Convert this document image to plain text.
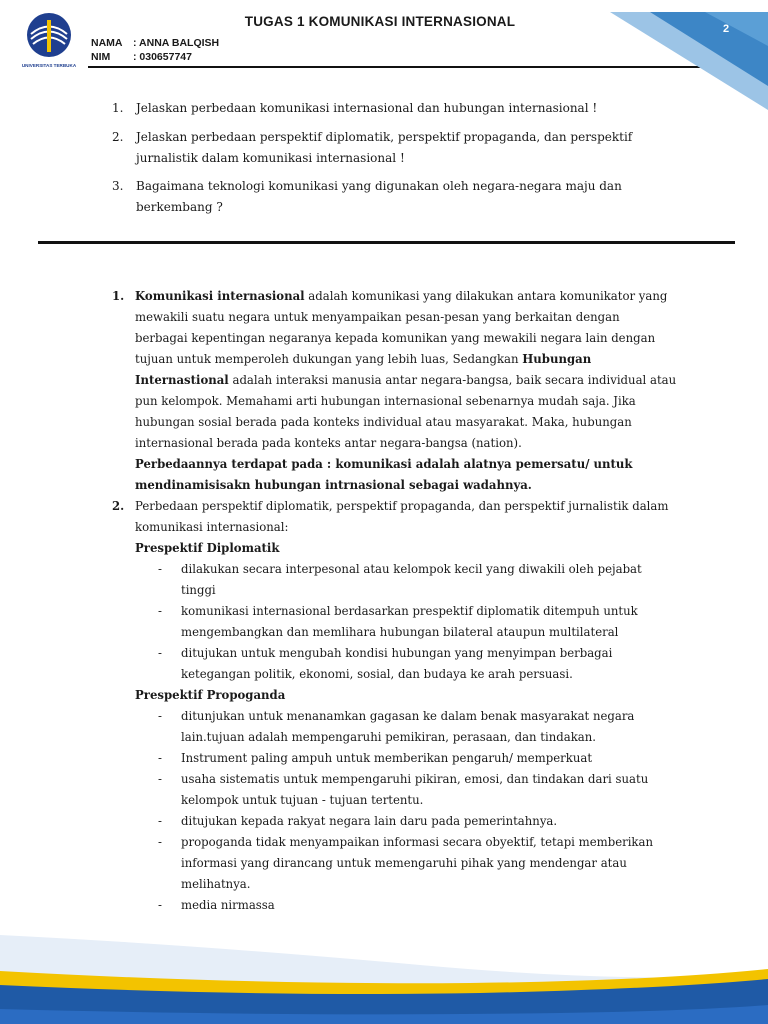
UNIVERSITAS TERBUKA
TUGAS 1 KOMUNIKASI INTERNASIONAL
NAMA : ANNA BALQISH
NIM : 030657747
2
1. Jelaskan perbedaan komunikasi internasional dan hubungan internasional !
2. Jelaskan perbedaan perspektif diplomatik, perspektif propaganda, dan perspektif
jurnalistik dalam komunikasi internasional !
3. Bagaimana teknologi komunikasi yang digunakan oleh negara-negara maju dan
berkembang ?
1. Komunikasi internasional adalah komunikasi yang dilakukan antara komunikator yang
mewakili suatu negara untuk menyampaikan pesan-pesan yang berkaitan dengan
berbagai kepentingan negaranya kepada komunikan yang mewakili negara lain dengan
tujuan untuk memperoleh dukungan yang lebih luas, Sedangkan Hubungan
Internastional adalah interaksi manusia antar negara-bangsa, baik secara individual atau
pun kelompok. Memahami arti hubungan internasional sebenarnya mudah saja. Jika
hubungan sosial berada pada konteks individual atau masyarakat. Maka, hubungan
internasional berada pada konteks antar negara-bangsa (nation).
Perbedaannya terdapat pada : komunikasi adalah alatnya pemersatu/ untuk
mendinamisisakn hubungan intrnasional sebagai wadahnya.
2. Perbedaan perspektif diplomatik, perspektif propaganda, dan perspektif jurnalistik dalam
komunikasi internasional:
Prespektif Diplomatik
- dilakukan secara interpesonal atau kelompok kecil yang diwakili oleh pejabat
tinggi
- komunikasi internasional berdasarkan prespektif diplomatik ditempuh untuk
mengembangkan dan memlihara hubungan bilateral ataupun multilateral
- ditujukan untuk mengubah kondisi hubungan yang menyimpan berbagai
ketegangan politik, ekonomi, sosial, dan budaya ke arah persuasi.
Prespektif Propoganda
- ditunjukan untuk menanamkan gagasan ke dalam benak masyarakat negara
lain.tujuan adalah mempengaruhi pemikiran, perasaan, dan tindakan.
- Instrument paling ampuh untuk memberikan pengaruh/ memperkuat
- usaha sistematis untuk mempengaruhi pikiran, emosi, dan tindakan dari suatu
kelompok untuk tujuan - tujuan tertentu.
- ditujukan kepada rakyat negara lain daru pada pemerintahnya.
- propoganda tidak menyampaikan informasi secara obyektif, tetapi memberikan
informasi yang dirancang untuk memengaruhi pihak yang mendengar atau
melihatnya.
- media nirmassa
